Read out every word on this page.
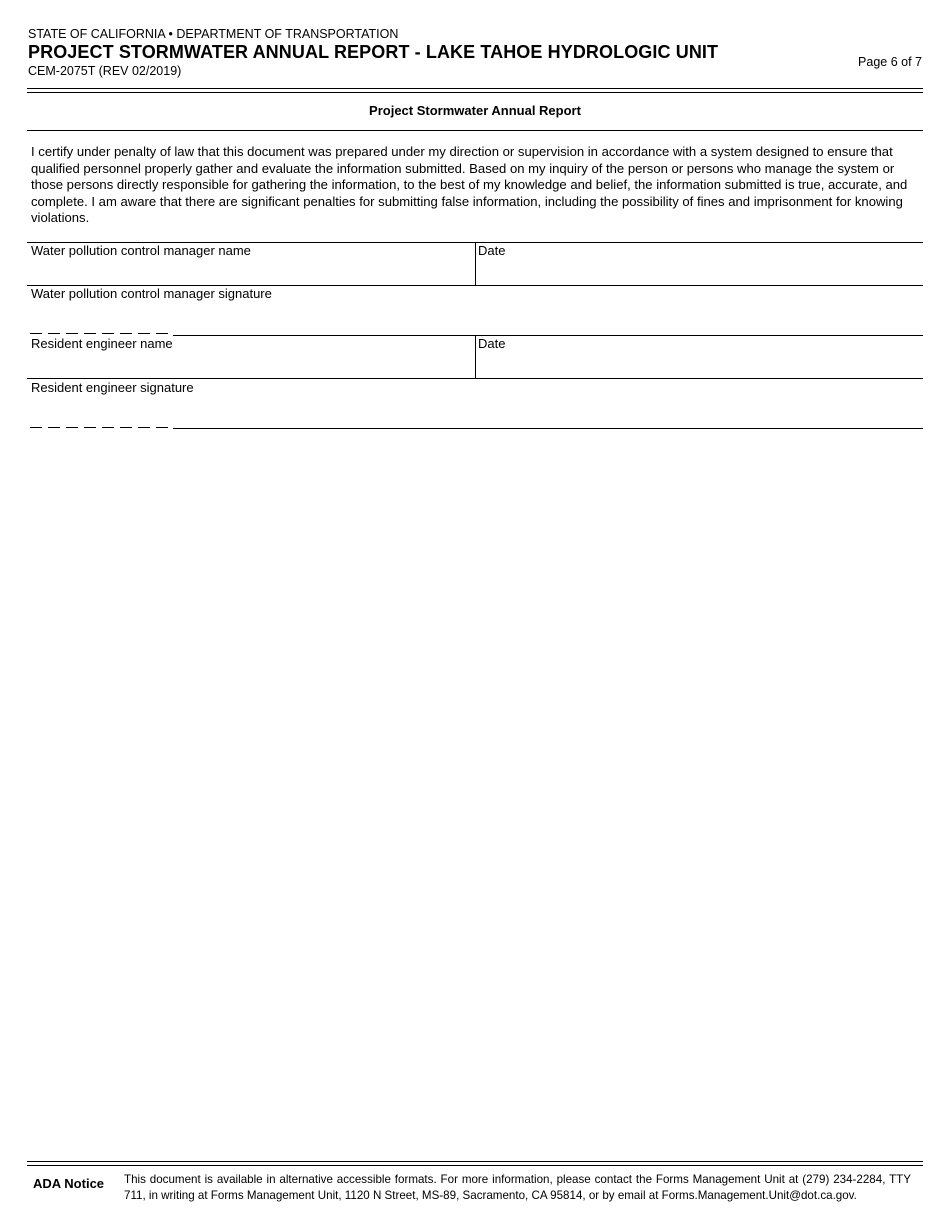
STATE OF CALIFORNIA • DEPARTMENT OF TRANSPORTATION
PROJECT STORMWATER ANNUAL REPORT - LAKE TAHOE HYDROLOGIC UNIT
CEM-2075T (REV 02/2019)
Page 6 of 7
Project Stormwater Annual Report
I certify under penalty of law that this document was prepared under my direction or supervision in accordance with a system designed to ensure that qualified personnel properly gather and evaluate the information submitted. Based on my inquiry of the person or persons who manage the system or those persons directly responsible for gathering the information, to the best of my knowledge and belief, the information submitted is true, accurate, and complete. I am aware that there are significant penalties for submitting false information, including the possibility of fines and imprisonment for knowing violations.
Water pollution control manager name	Date
Water pollution control manager signature
Resident engineer name	Date
Resident engineer signature
ADA Notice This document is available in alternative accessible formats. For more information, please contact the Forms Management Unit at (279) 234-2284, TTY 711, in writing at Forms Management Unit, 1120 N Street, MS-89, Sacramento, CA 95814, or by email at Forms.Management.Unit@dot.ca.gov.
